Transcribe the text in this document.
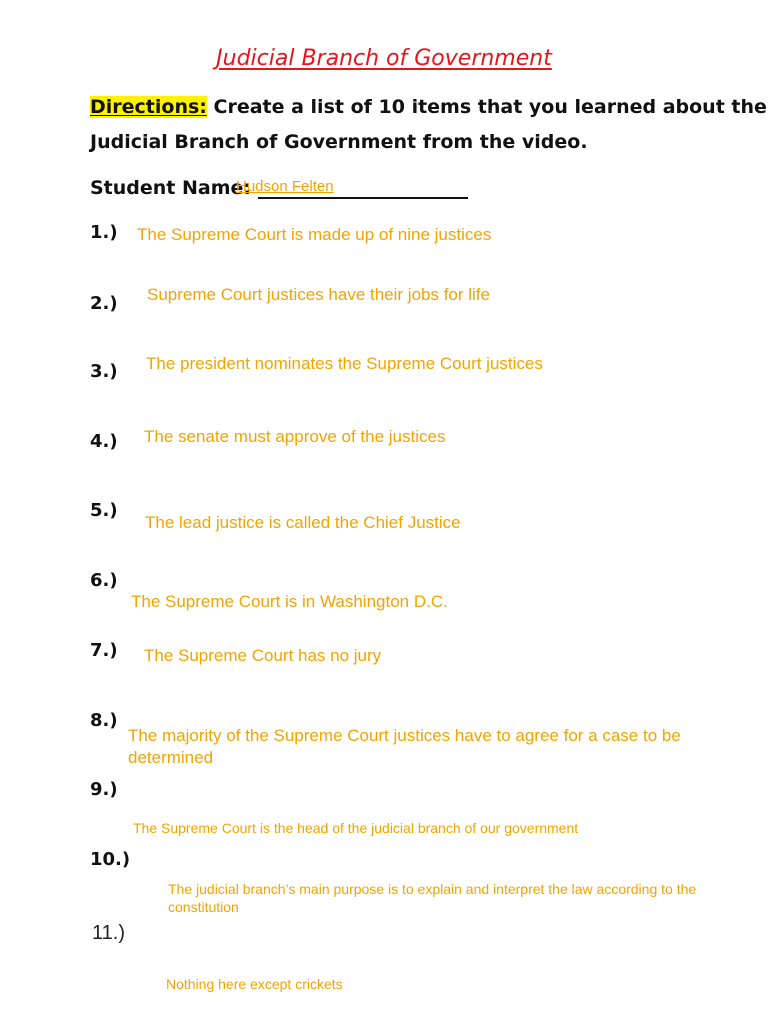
Judicial Branch of Government
Directions: Create a list of 10 items that you learned about the
Judicial Branch of Government from the video.
Student Name:
Hudson Felten
1.) The Supreme Court is made up of nine justices
2.) Supreme Court justices have their jobs for life
3.) The president nominates the Supreme Court justices
4.) The senate must approve of the justices
5.)
The lead justice is called the Chief Justice
6.)
The Supreme Court is in Washington D.C.
7.) The Supreme Court has no jury
8.)
The majority of the Supreme Court justices have to agree for a case to be determined
9.)
The Supreme Court is the head of the judicial branch of our government
10.)
The judicial branch’s main purpose is to explain and interpret the law according to the constitution
11.)
Nothing here except crickets
